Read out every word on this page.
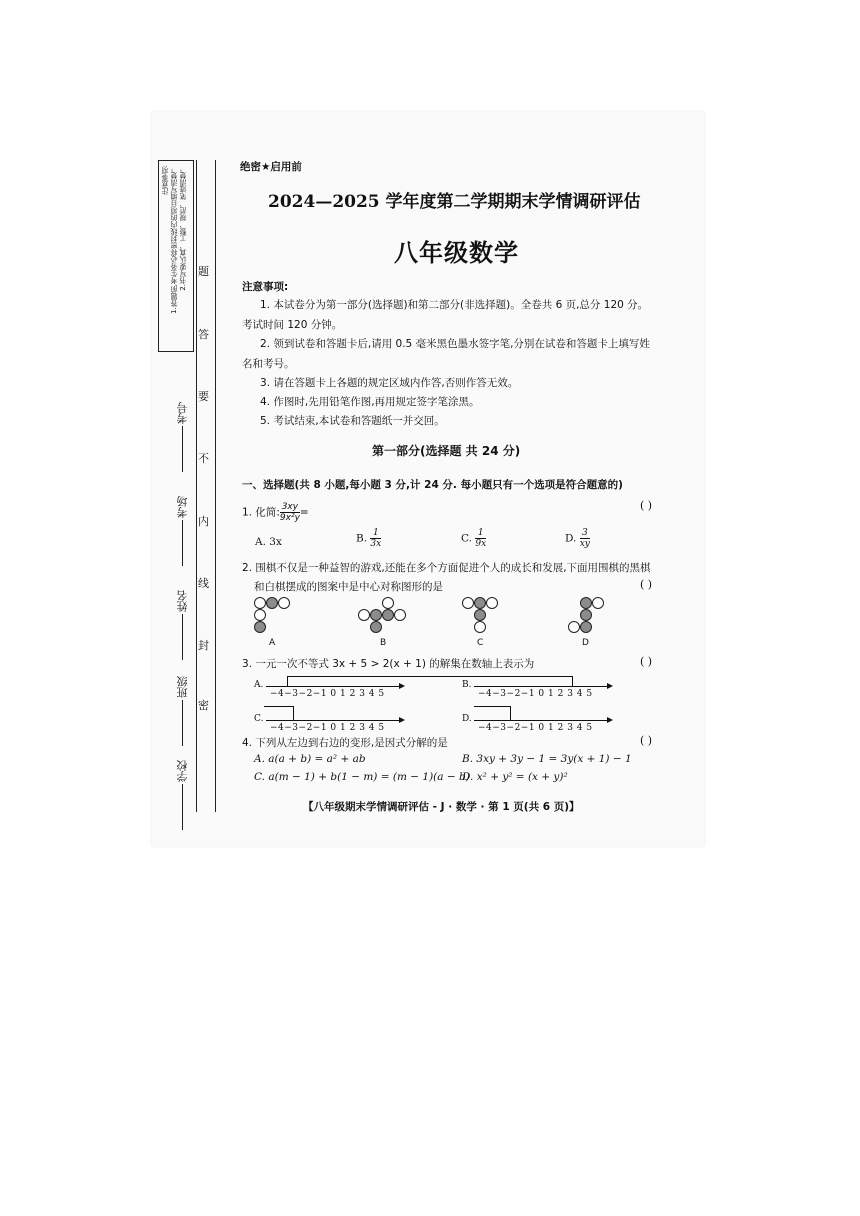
注意事项: 1.答题前,考生务必将密封线内的项目填写清楚。 2.书写要认真、工整、规范、笔迹清楚。 题
答
要
不
内
线
封
密
考号
考场
姓名
班级
学校
绝密★启用前
2024—2025 学年度第二学期期末学情调研评估
八年级数学
注意事项:
1. 本试卷分为第一部分(选择题)和第二部分(非选择题)。全卷共 6 页,总分 120 分。
考试时间 120 分钟。
2. 领到试卷和答题卡后,请用 0.5 毫米黑色墨水签字笔,分别在试卷和答题卡上填写姓
名和考号。
3. 请在答题卡上各题的规定区域内作答,否则作答无效。
4. 作图时,先用铅笔作图,再用规定签字笔涂黑。
5. 考试结束,本试卷和答题纸一并交回。
第一部分(选择题 共 24 分)
一、选择题(共 8 小题,每小题 3 分,计 24 分. 每小题只有一个选项是符合题意的)
1. 化简: $\frac{3xy}{\text{9x²y}}$ =
( )
A. 3x	B. $\frac{1}{3x}$	C. $\frac{1}{9x}$	D. $\frac{3}{xy}$
2. 围棋不仅是一种益智的游戏,还能在多个方面促进个人的成长和发展,下面用围棋的黑棋
和白棋摆成的图案中是中心对称图形的是	( )
A	B	C	D
3. 一元一次不等式 3x + 5 > 2(x + 1) 的解集在数轴上表示为	( )
A.
−4−3−2−1 0 1 2 3 4 5
B.
−4−3−2−1 0 1 2 3 4 5
C.
−4−3−2−1 0 1 2 3 4 5
D.
−4−3−2−1 0 1 2 3 4 5
4. 下列从左边到右边的变形,是因式分解的是	( )
A. a(a + b) = a² + ab	B. 3xy + 3y − 1 = 3y(x + 1) − 1
C. a(m − 1) + b(1 − m) = (m − 1)(a − b)
D. x² + y² = (x + y)²
【八年级期末学情调研评估 - J · 数学 · 第 1 页(共 6 页)】
